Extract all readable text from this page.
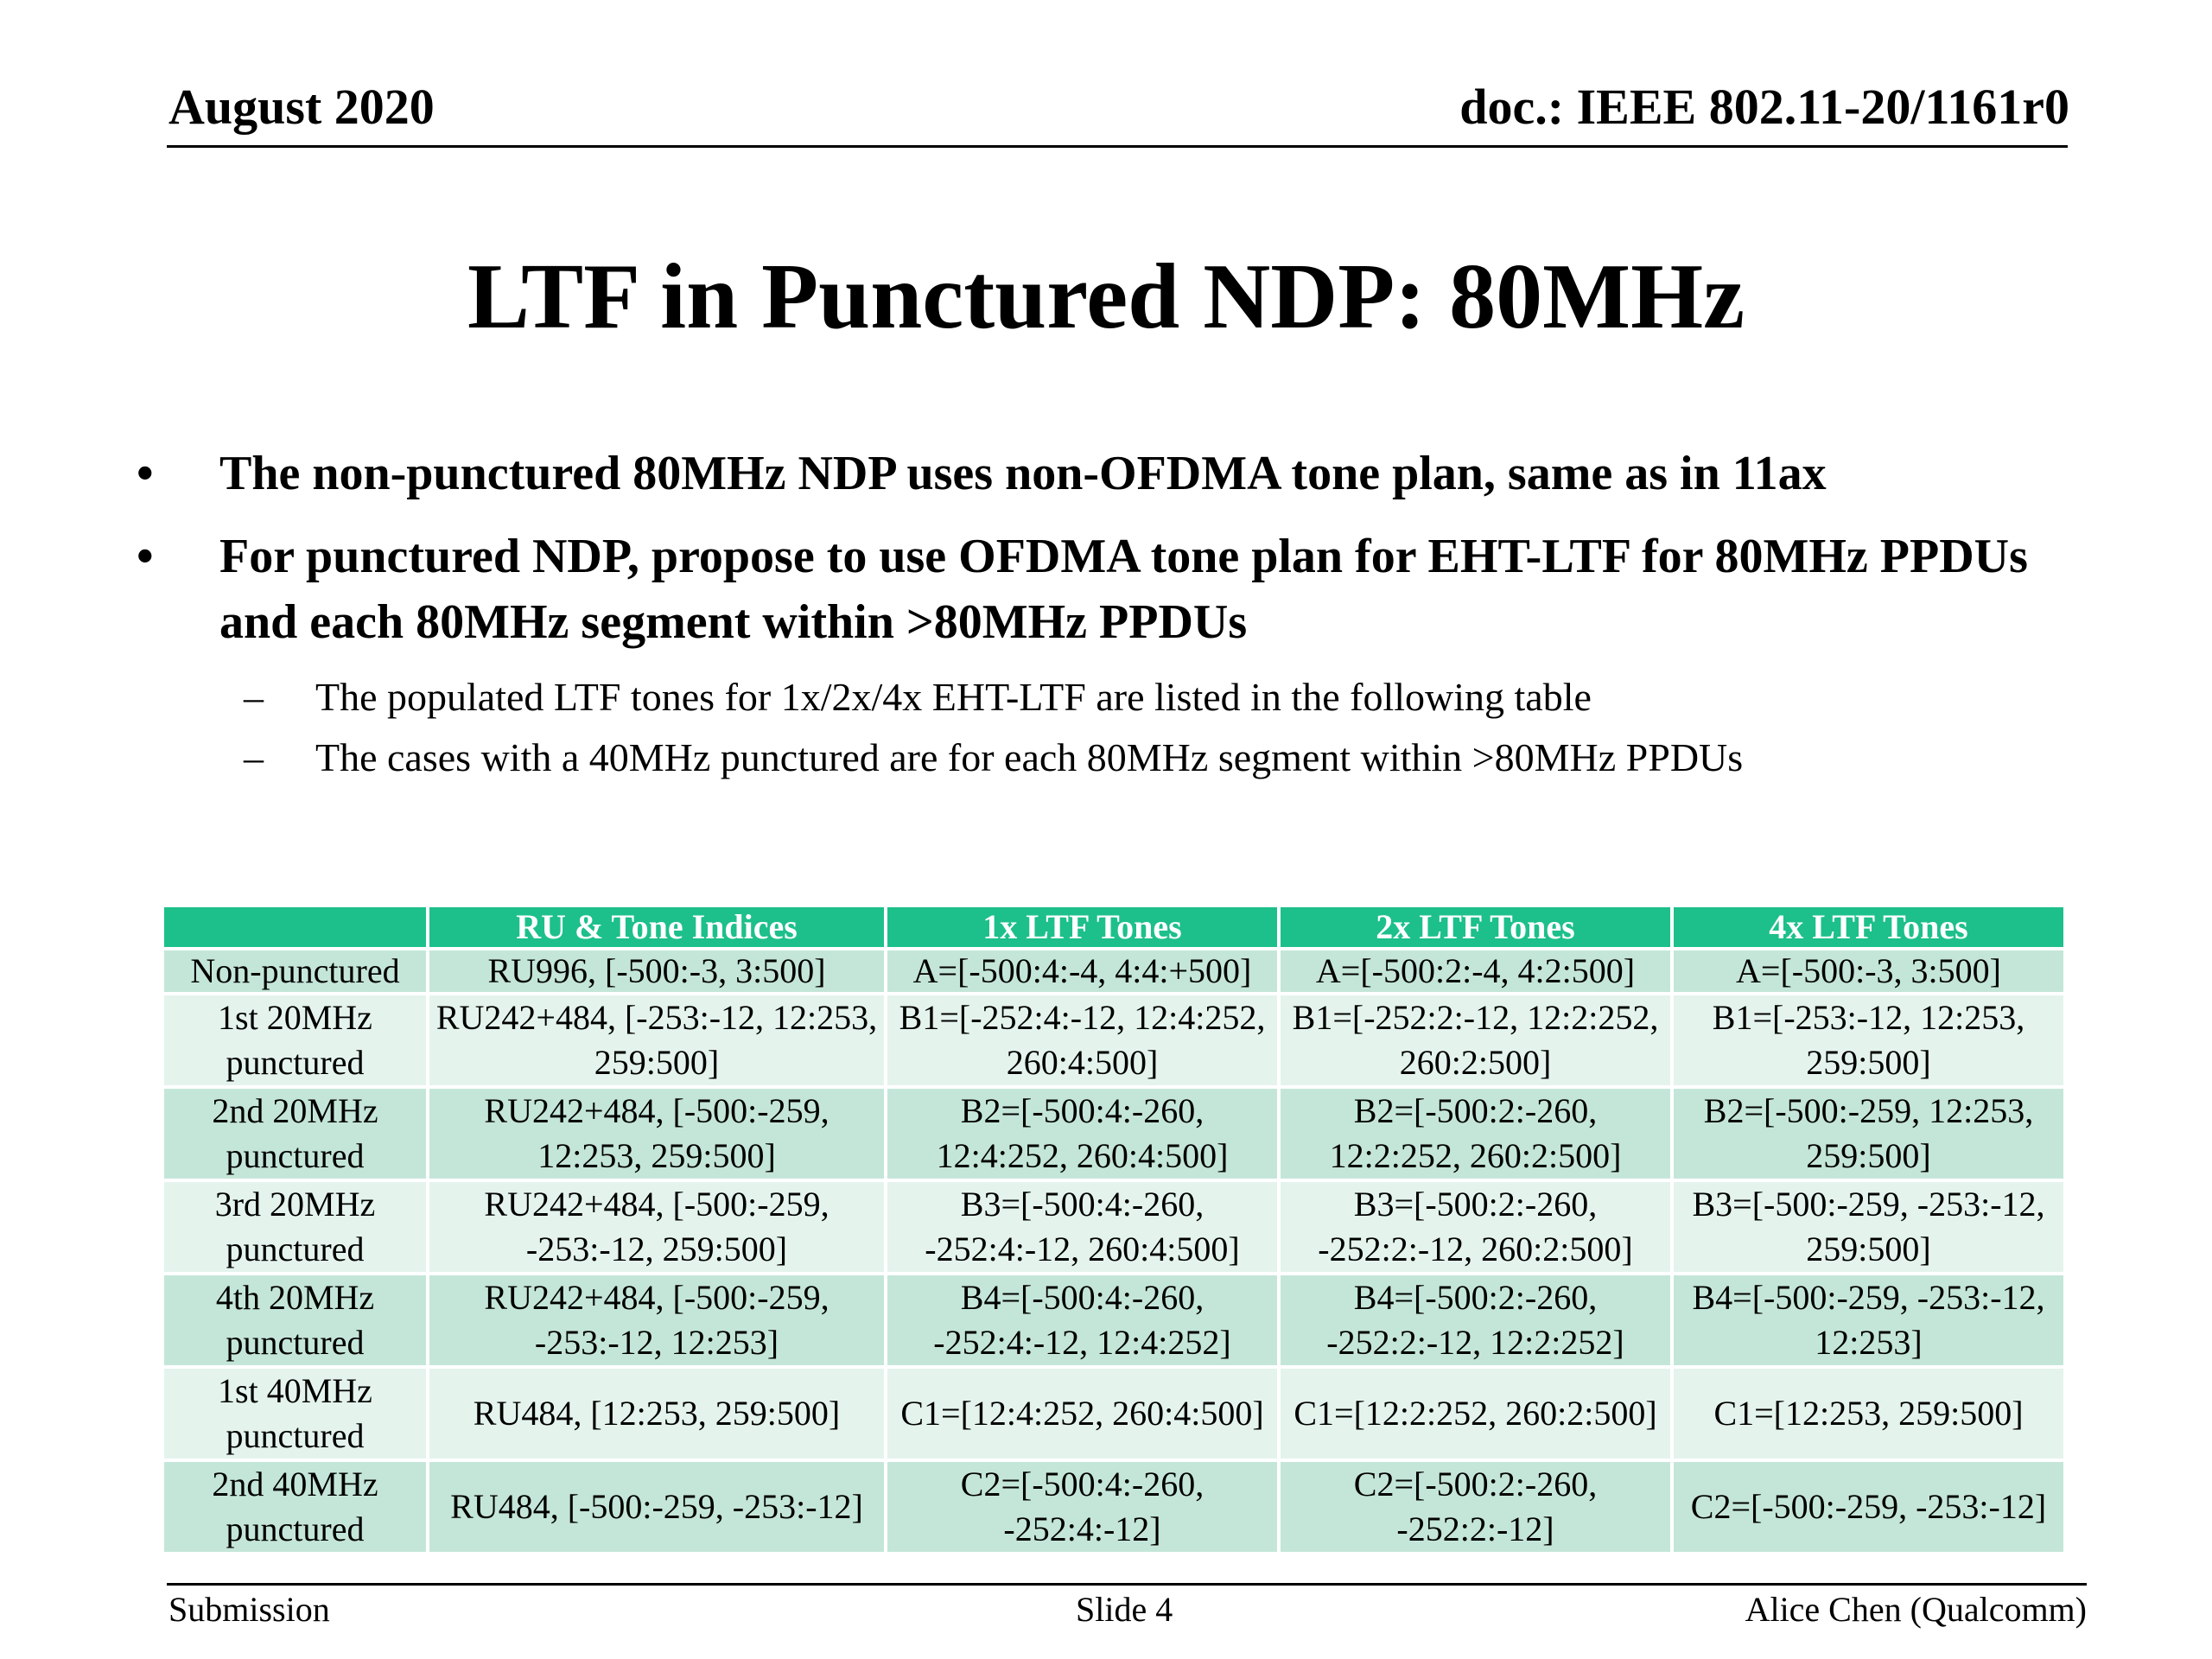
August 2020	doc.: IEEE 802.11-20/1161r0
LTF in Punctured NDP: 80MHz
• The non-punctured 80MHz NDP uses non-OFDMA tone plan, same as in 11ax
• For punctured NDP, propose to use OFDMA tone plan for EHT-LTF for 80MHz PPDUs and each 80MHz segment within >80MHz PPDUs
– The populated LTF tones for 1x/2x/4x EHT-LTF are listed in the following table
– The cases with a 40MHz punctured are for each 80MHz segment within >80MHz PPDUs
	RU & Tone Indices	1x LTF Tones	2x LTF Tones	4x LTF Tones
Non-punctured	RU996, [-500:-3, 3:500]	A=[-500:4:-4, 4:4:+500]	A=[-500:2:-4, 4:2:500]	A=[-500:-3, 3:500]
1st 20MHz punctured	RU242+484, [-253:-12, 12:253, 259:500]	B1=[-252:4:-12, 12:4:252, 260:4:500]	B1=[-252:2:-12, 12:2:252, 260:2:500]	B1=[-253:-12, 12:253, 259:500]
2nd 20MHz punctured	RU242+484, [-500:-259, 12:253, 259:500]	B2=[-500:4:-260, 12:4:252, 260:4:500]	B2=[-500:2:-260, 12:2:252, 260:2:500]	B2=[-500:-259, 12:253, 259:500]
3rd 20MHz punctured	RU242+484, [-500:-259, -253:-12, 259:500]	B3=[-500:4:-260, -252:4:-12, 260:4:500]	B3=[-500:2:-260, -252:2:-12, 260:2:500]	B3=[-500:-259, -253:-12, 259:500]
4th 20MHz punctured	RU242+484, [-500:-259, -253:-12, 12:253]	B4=[-500:4:-260, -252:4:-12, 12:4:252]	B4=[-500:2:-260, -252:2:-12, 12:2:252]	B4=[-500:-259, -253:-12, 12:253]
1st 40MHz punctured	RU484, [12:253, 259:500]	C1=[12:4:252, 260:4:500]	C1=[12:2:252, 260:2:500]	C1=[12:253, 259:500]
2nd 40MHz punctured	RU484, [-500:-259, -253:-12]	C2=[-500:4:-260, -252:4:-12]	C2=[-500:2:-260, -252:2:-12]	C2=[-500:-259, -253:-12]
Submission	Slide 4	Alice Chen (Qualcomm)
